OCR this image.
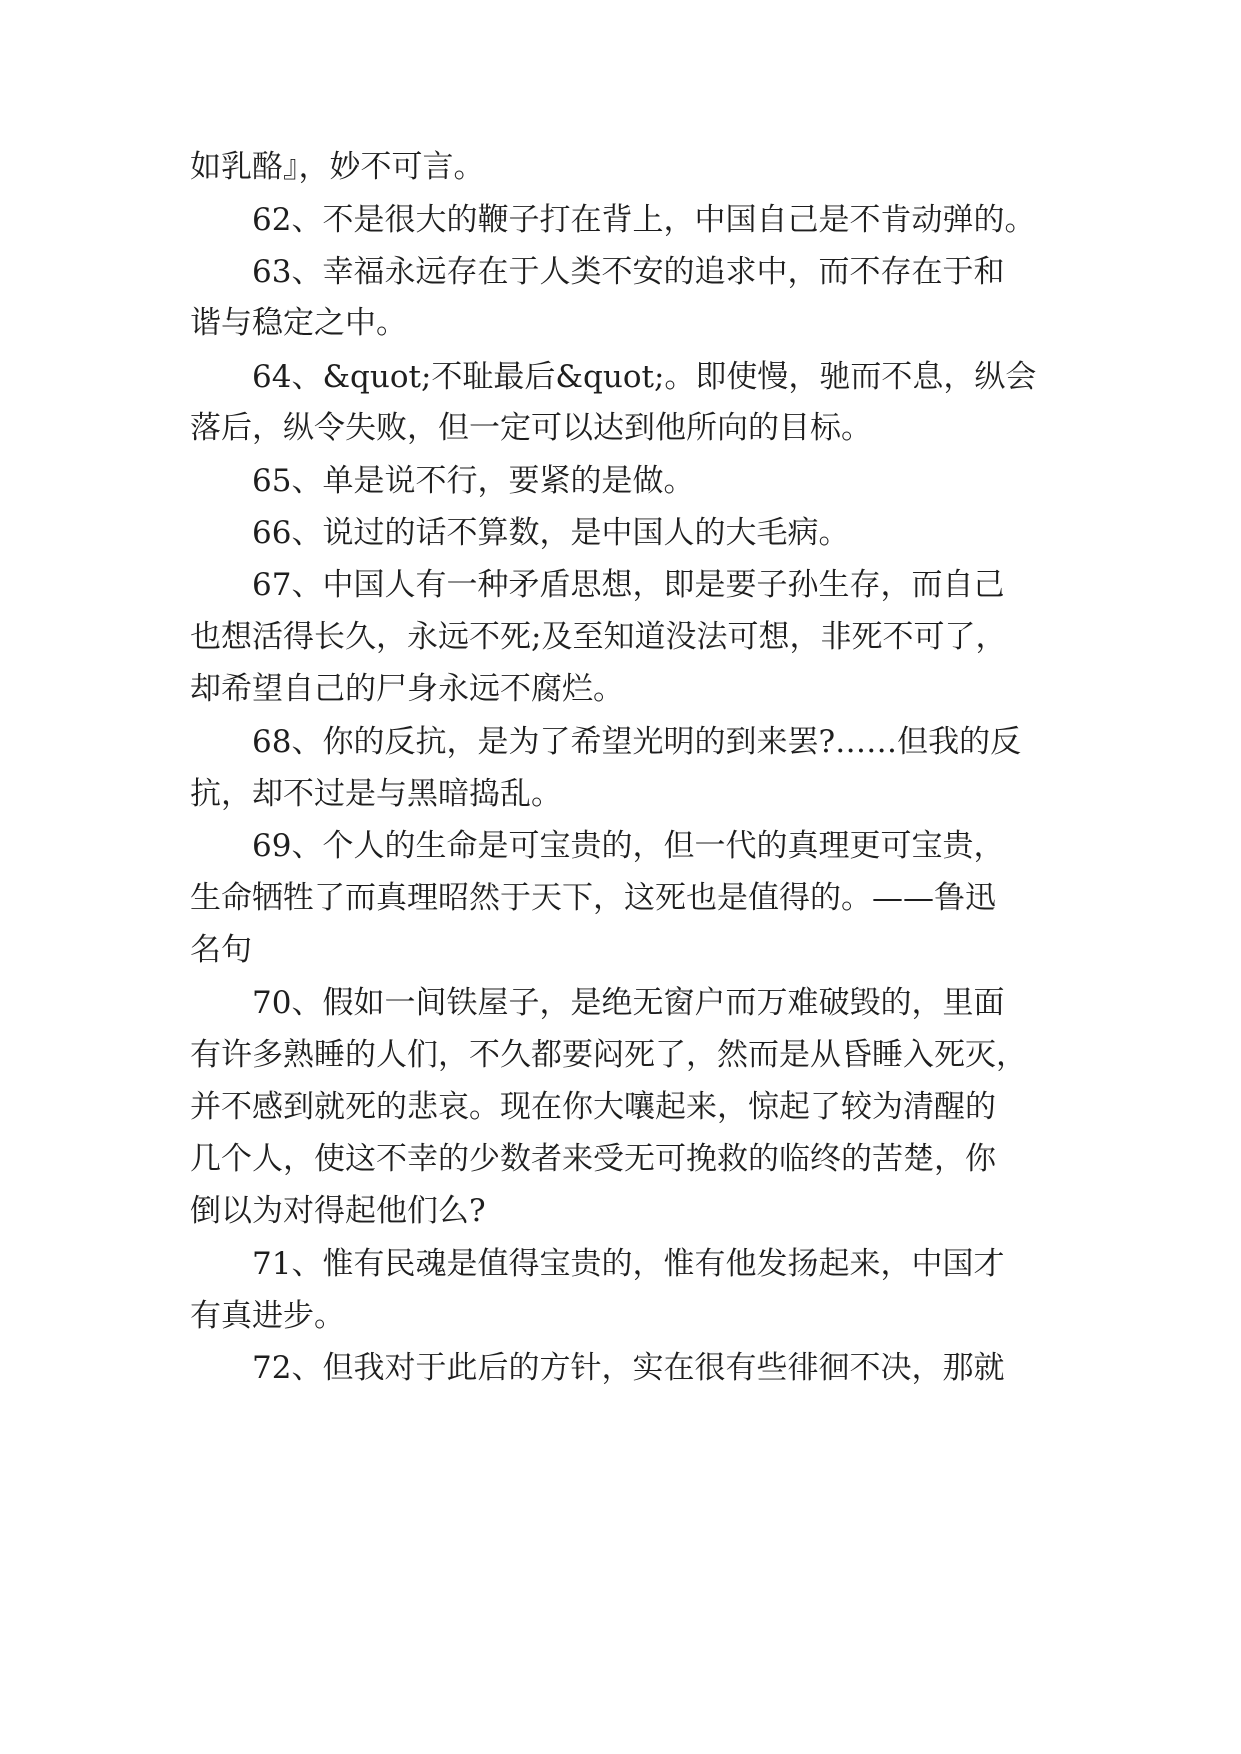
如乳酪』，妙不可言。
62、不是很大的鞭子打在背上，中国自己是不肯动弹的。
63、幸福永远存在于人类不安的追求中，而不存在于和
谐与稳定之中。
64、&quot;不耻最后&quot;。即使慢，驰而不息，纵会
落后，纵令失败，但一定可以达到他所向的目标。
65、单是说不行，要紧的是做。
66、说过的话不算数，是中国人的大毛病。
67、中国人有一种矛盾思想，即是要子孙生存，而自己
也想活得长久，永远不死;及至知道没法可想，非死不可了，
却希望自己的尸身永远不腐烂。
68、你的反抗，是为了希望光明的到来罢?……但我的反
抗，却不过是与黑暗捣乱。
69、个人的生命是可宝贵的，但一代的真理更可宝贵，
生命牺牲了而真理昭然于天下，这死也是值得的。——鲁迅
名句
70、假如一间铁屋子，是绝无窗户而万难破毁的，里面
有许多熟睡的人们，不久都要闷死了，然而是从昏睡入死灭，
并不感到就死的悲哀。现在你大嚷起来，惊起了较为清醒的
几个人，使这不幸的少数者来受无可挽救的临终的苦楚，你
倒以为对得起他们么?
71、惟有民魂是值得宝贵的，惟有他发扬起来，中国才
有真进步。
72、但我对于此后的方针，实在很有些徘徊不决，那就
